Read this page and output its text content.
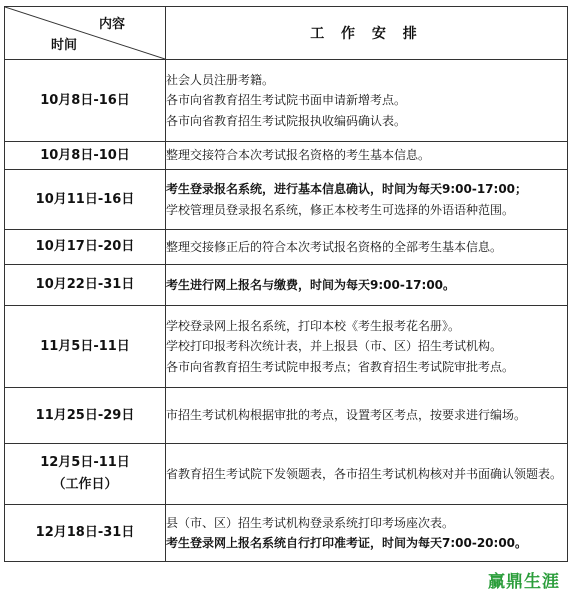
内容
时间	工 作 安 排
10月8日-16日	社会人员注册考籍。
各市向省教育招生考试院书面申请新增考点。
各市向省教育招生考试院报执收编码确认表。

10月8日-10日	整理交接符合本次考试报名资格的考生基本信息。

10月11日-16日	考生登录报名系统，进行基本信息确认，时间为每天9:00-17:00；
学校管理员登录报名系统，修正本校考生可选择的外语语种范围。

10月17日-20日	整理交接修正后的符合本次考试报名资格的全部考生基本信息。

10月22日-31日	考生进行网上报名与缴费，时间为每天9:00-17:00。

11月5日-11日	学校登录网上报名系统，打印本校《考生报考花名册》。
学校打印报考科次统计表，并上报县（市、区）招生考试机构。
各市向省教育招生考试院申报考点；省教育招生考试院审批考点。

11月25日-29日	市招生考试机构根据审批的考点，设置考区考点，按要求进行编场。

12月5日-11日
（工作日）	省教育招生考试院下发领题表，各市招生考试机构核对并书面确认领题表。

12月18日-31日	县（市、区）招生考试机构登录系统打印考场座次表。
考生登录网上报名系统自行打印准考证，时间为每天7:00-20:00。
赢鼎生涯
